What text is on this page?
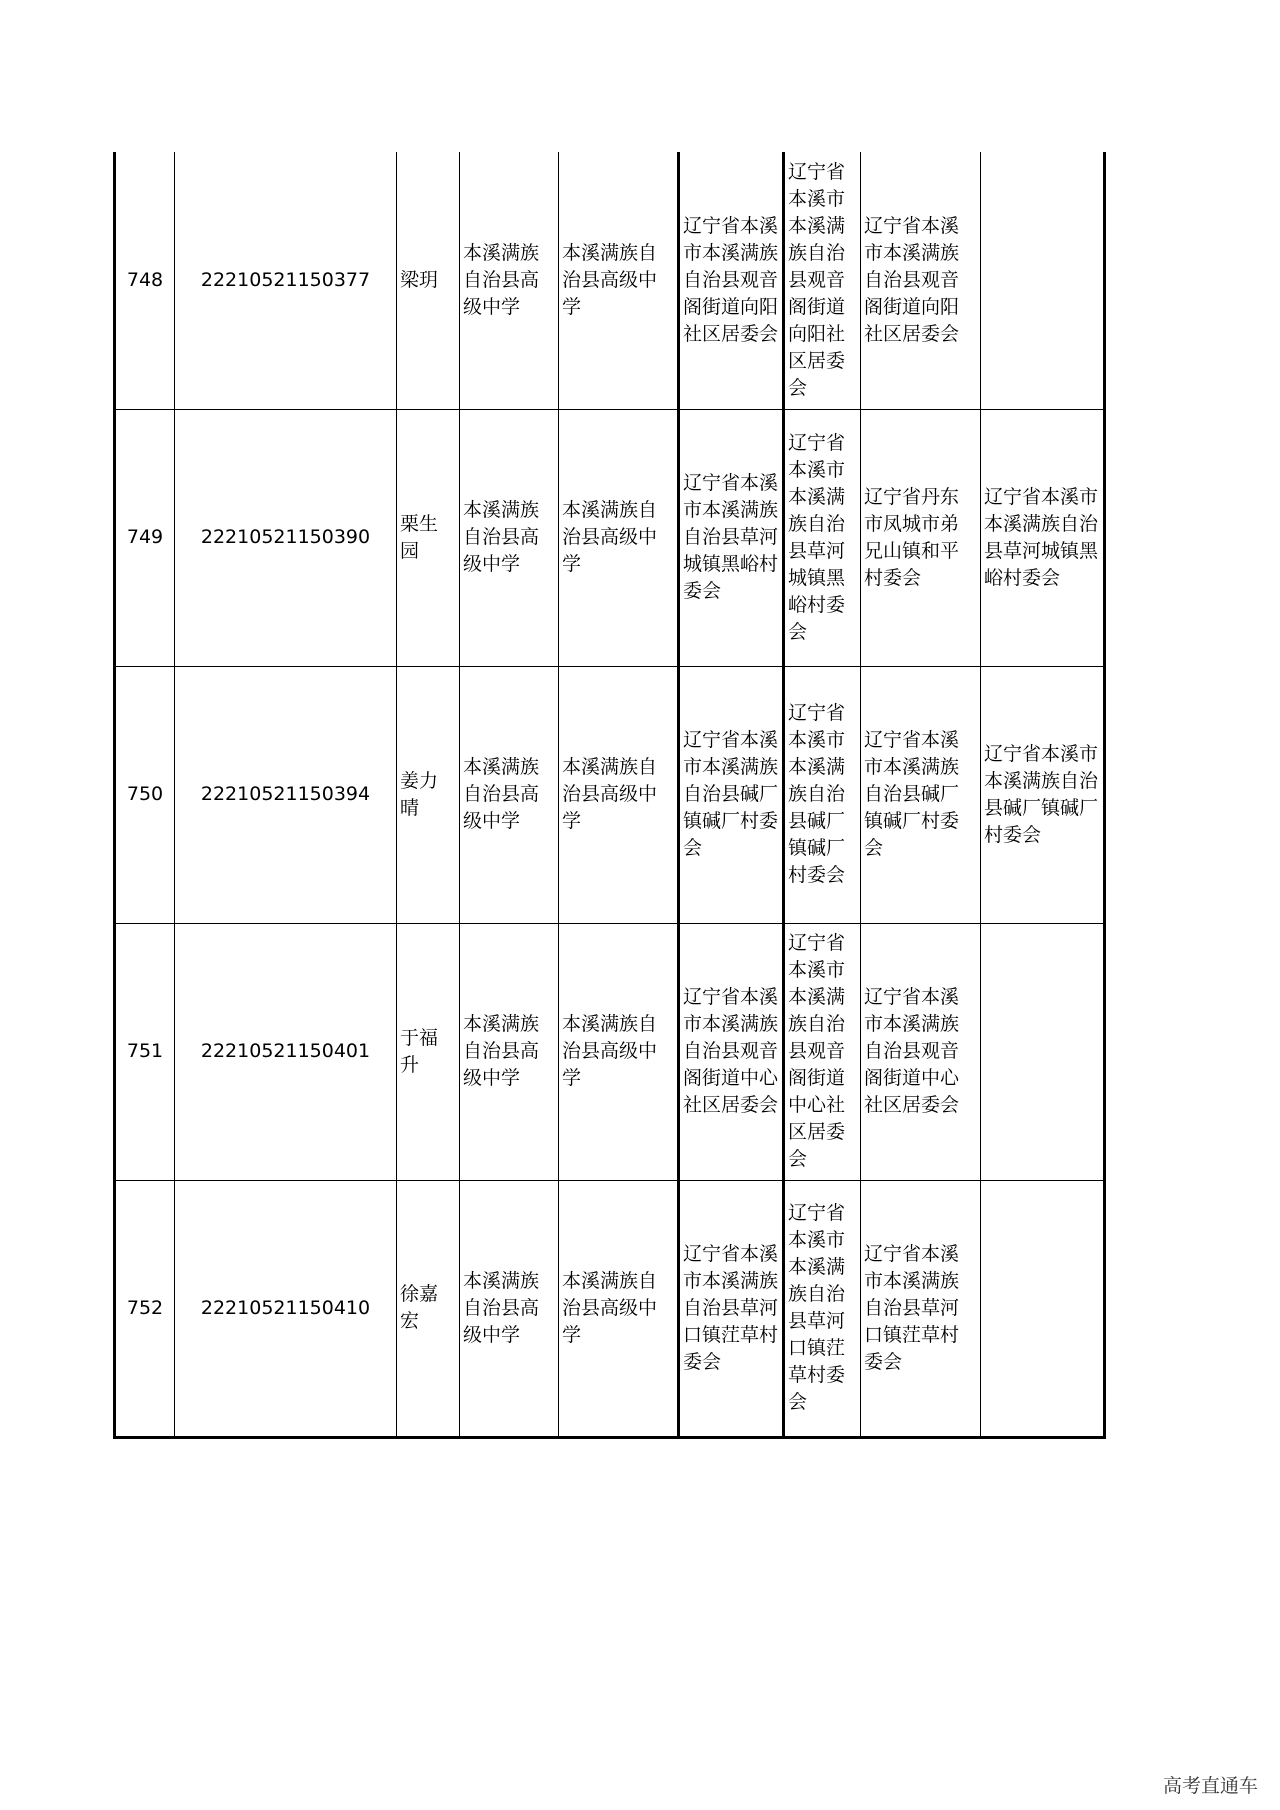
748	22210521150377	梁玥	本溪满族自治县高级中学	本溪满族自治县高级中学	辽宁省本溪市本溪满族自治县观音阁街道向阳社区居委会	辽宁省本溪市本溪满族自治县观音阁街道向阳社区居委会	辽宁省本溪市本溪满族自治县观音阁街道向阳社区居委会	
749	22210521150390	栗生园	本溪满族自治县高级中学	本溪满族自治县高级中学	辽宁省本溪市本溪满族自治县草河城镇黑峪村委会	辽宁省本溪市本溪满族自治县草河城镇黑峪村委会	辽宁省丹东市凤城市弟兄山镇和平村委会	辽宁省本溪市本溪满族自治县草河城镇黑峪村委会
750	22210521150394	姜力晴	本溪满族自治县高级中学	本溪满族自治县高级中学	辽宁省本溪市本溪满族自治县碱厂镇碱厂村委会	辽宁省本溪市本溪满族自治县碱厂镇碱厂村委会	辽宁省本溪市本溪满族自治县碱厂镇碱厂村委会	辽宁省本溪市本溪满族自治县碱厂镇碱厂村委会
751	22210521150401	于福升	本溪满族自治县高级中学	本溪满族自治县高级中学	辽宁省本溪市本溪满族自治县观音阁街道中心社区居委会	辽宁省本溪市本溪满族自治县观音阁街道中心社区居委会	辽宁省本溪市本溪满族自治县观音阁街道中心社区居委会	
752	22210521150410	徐嘉宏	本溪满族自治县高级中学	本溪满族自治县高级中学	辽宁省本溪市本溪满族自治县草河口镇茳草村委会	辽宁省本溪市本溪满族自治县草河口镇茳草村委会	辽宁省本溪市本溪满族自治县草河口镇茳草村委会	
高考直通车
